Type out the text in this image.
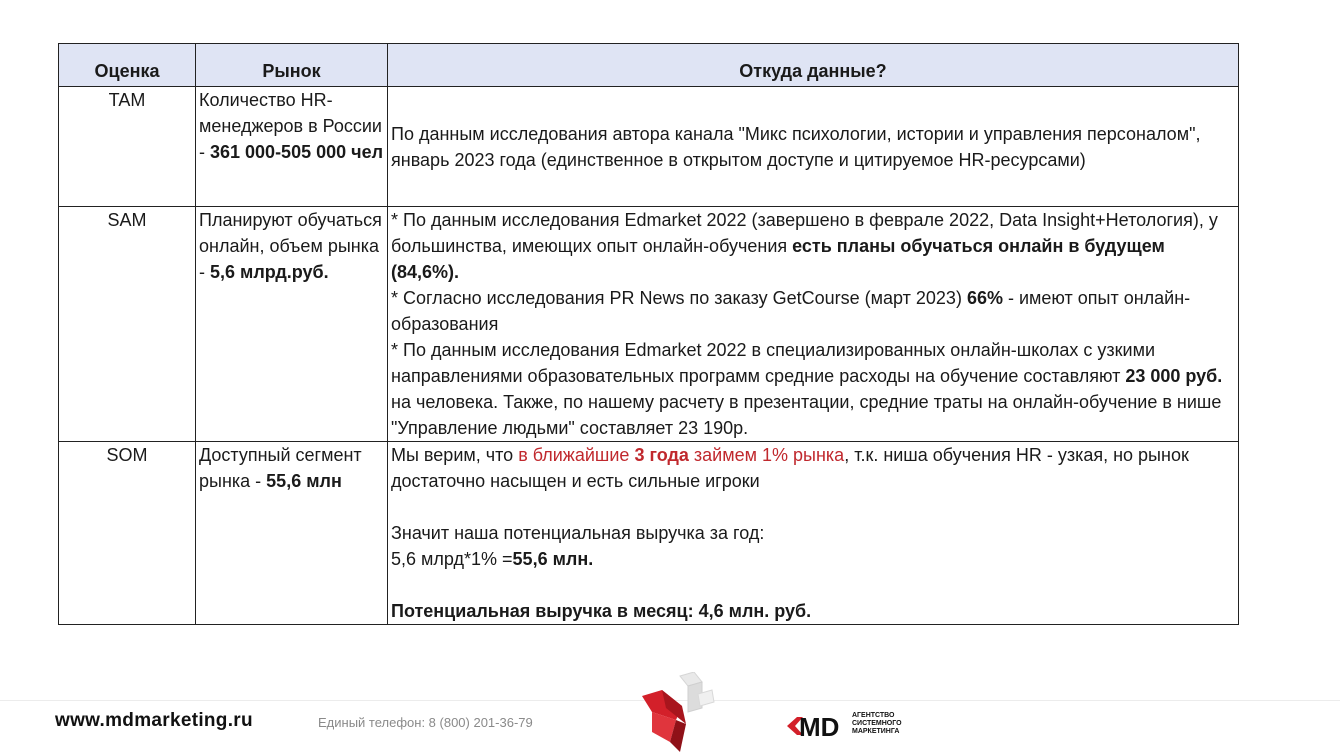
Оценка	Рынок	Откуда данные?
TAM	Количество HR-менеджеров в России - 361 000-505 000 чел	По данным исследования автора канала "Микс психологии, истории и управления персоналом", январь 2023 года (единственное в открытом доступе и цитируемое HR-ресурсами)
SAM	Планируют обучаться онлайн, объем рынка - 5,6 млрд.руб.	* По данным исследования Edmarket 2022 (завершено в феврале 2022, Data Insight+Нетология), у большинства, имеющих опыт онлайн-обучения есть планы обучаться онлайн в будущем (84,6%).
* Согласно исследования PR News по заказу GetCourse (март 2023) 66% - имеют опыт онлайн-образования
* По данным исследования Edmarket 2022 в специализированных онлайн-школах с узкими направлениями образовательных программ средние расходы на обучение составляют 23 000 руб. на человека. Также, по нашему расчету в презентации, средние траты на онлайн-обучение в нише "Управление людьми" составляет 23 190р.

SOM	Доступный сегмент рынка - 55,6 млн	Мы верим, что в ближайшие 3 года займем 1% рынка, т.к. ниша обучения HR - узкая, но рынок достаточно насыщен и есть сильные игроки
Значит наша потенциальная выручка за год:
5,6 млрд*1% =55,6 млн.
Потенциальная выручка в месяц: 4,6 млн. руб.
www.mdmarketing.ru	Единый телефон: 8 (800) 201-36-79	MD АГЕНТСТВО
СИСТЕМНОГО
МАРКЕТИНГА
